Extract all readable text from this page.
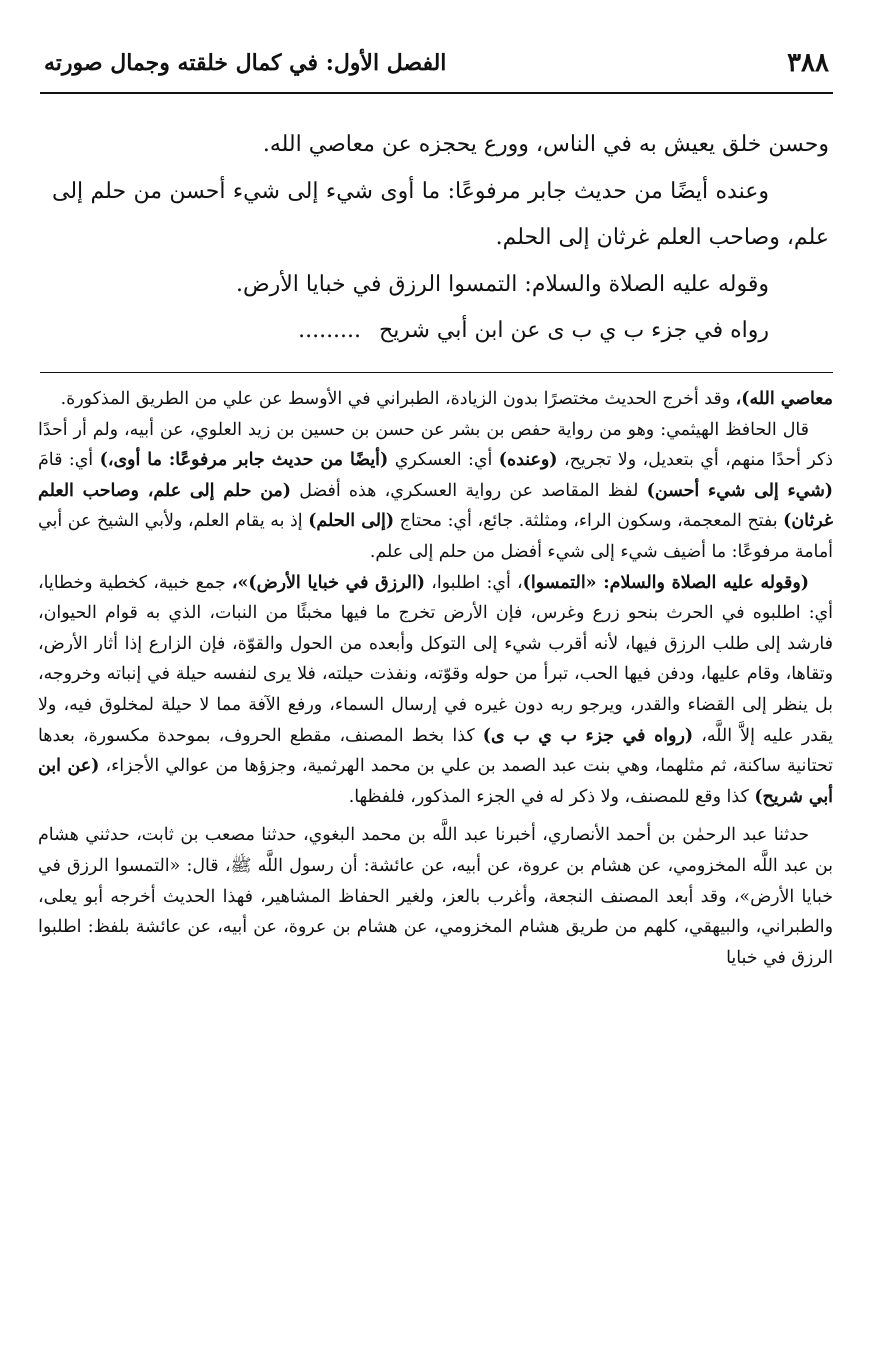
٣٨٨
الفصل الأول: في كمال خلقته وجمال صورته

وحسن خلق يعيش به في الناس، وورع يحجزه عن معاصي الله.

وعنده أيضًا من حديث جابر مرفوعًا: ما أوى شيء إلى شيء أحسن من حلم إلى علم، وصاحب العلم غرثان إلى الحلم.

وقوله عليه الصلاة والسلام: التمسوا الرزق في خبايا الأرض.

رواه في جزء ب ي ب ى عن ابن أبي شريح.........

معاصي الله)، وقد أخرج الحديث مختصرًا بدون الزيادة، الطبراني في الأوسط عن علي من الطريق المذكورة.

قال الحافظ الهيثمي: وهو من رواية حفص بن بشر عن حسن بن حسين بن زيد العلوي، عن أبيه، ولم أر أحدًا ذكر أحدًا منهم، أي بتعديل، ولا تجريح، (وعنده) أي: العسكري (أيضًا من حديث جابر مرفوعًا: ما أوى،) أي: قامَ (شيء إلى شيء أحسن) لفظ المقاصد عن رواية العسكري، هذه أفضل (من حلم إلى علم، وصاحب العلم غرثان) بفتح المعجمة، وسكون الراء، ومثلثة. جائع، أي: محتاج (إلى الحلم) إذ به يقام العلم، ولأبي الشيخ عن أبي أمامة مرفوعًا: ما أضيف شيء إلى شيء أفضل من حلم إلى علم.

(وقوله عليه الصلاة والسلام: «التمسوا)، أي: اطلبوا، (الرزق في خبايا الأرض)»، جمع خبية، كخطية وخطايا، أي: اطلبوه في الحرث بنحو زرع وغرس، فإن الأرض تخرج ما فيها مخبئًا من النبات، الذي به قوام الحيوان، فارشد إلى طلب الرزق فيها، لأنه أقرب شيء إلى التوكل وأبعده من الحول والقوّة، فإن الزارع إذا أثار الأرض، وتقاها، وقام عليها، ودفن فيها الحب، تبرأ من حوله وقوّته، ونفذت حيلته، فلا يرى لنفسه حيلة في إنباته وخروجه، بل ينظر إلى القضاء والقدر، ويرجو ربه دون غيره في إرسال السماء، ورفع الآفة مما لا حيلة لمخلوق فيه، ولا يقدر عليه إلاَّ اللَّه، (رواه في جزء ب ي ب ى) كذا بخط المصنف، مقطع الحروف، بموحدة مكسورة، بعدها تحتانية ساكنة، ثم مثلهما، وهي بنت عبد الصمد بن علي بن محمد الهرثمية، وجزؤها من عوالي الأجزاء، (عن ابن أبي شريح) كذا وقع للمصنف، ولا ذكر له في الجزء المذكور، فلفظها.

حدثنا عبد الرحمٰن بن أحمد الأنصاري، أخبرنا عبد اللَّه بن محمد البغوي، حدثنا مصعب بن ثابت، حدثني هشام بن عبد اللَّه المخزومي، عن هشام بن عروة، عن أبيه، عن عائشة: أن رسول اللَّه ﷺ، قال: «التمسوا الرزق في خبايا الأرض»، وقد أبعد المصنف النجعة، وأغرب بالعز، ولغير الحفاظ المشاهير، فهذا الحديث أخرجه أبو يعلى، والطبراني، والبيهقي، كلهم من طريق هشام المخزومي، عن هشام بن عروة، عن أبيه، عن عائشة بلفظ: اطلبوا الرزق في خبايا
